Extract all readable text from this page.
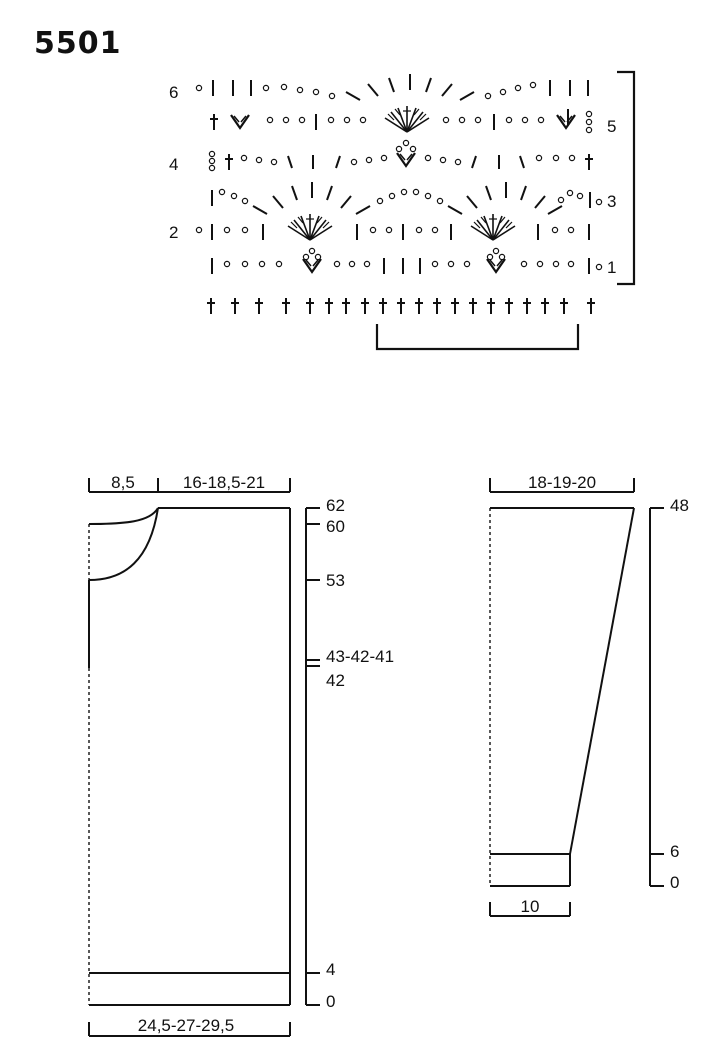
5501
6
4
2
5
3
1
8,5	16-18,5-21
62
60
53
43-42-41
42
4
0
24,5-27-29,5
18-19-20
48
6
0
10
